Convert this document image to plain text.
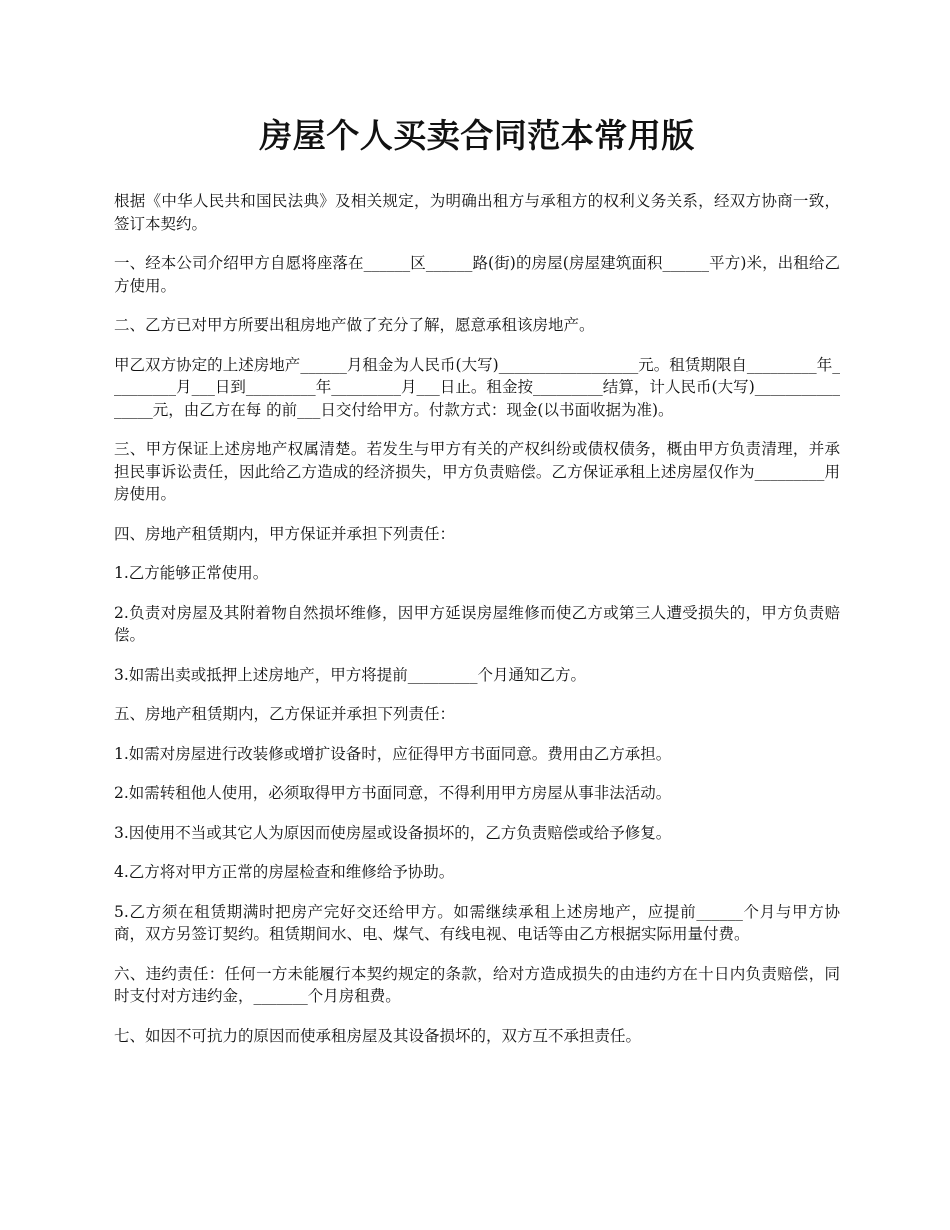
房屋个人买卖合同范本常用版

根据《中华人民共和国民法典》及相关规定，为明确出租方与承租方的权利义务关系，经双方协商一致，签订本契约。

一、经本公司介绍甲方自愿将座落在______区______路(街)的房屋(房屋建筑面积______平方)米，出租给乙方使用。

二、乙方已对甲方所要出租房地产做了充分了解，愿意承租该房地产。

甲乙双方协定的上述房地产______月租金为人民币(大写)__________________元。租赁期限自_________年_________月___日到_________年_________月___日止。租金按_________结算，计人民币(大写)________________元，由乙方在每 的前___日交付给甲方。付款方式：现金(以书面收据为准)。

三、甲方保证上述房地产权属清楚。若发生与甲方有关的产权纠纷或债权债务，概由甲方负责清理，并承担民事诉讼责任，因此给乙方造成的经济损失，甲方负责赔偿。乙方保证承租上述房屋仅作为_________用房使用。

四、房地产租赁期内，甲方保证并承担下列责任：

1.乙方能够正常使用。

2.负责对房屋及其附着物自然损坏维修，因甲方延误房屋维修而使乙方或第三人遭受损失的，甲方负责赔偿。

3.如需出卖或抵押上述房地产，甲方将提前_________个月通知乙方。

五、房地产租赁期内，乙方保证并承担下列责任：

1.如需对房屋进行改装修或增扩设备时，应征得甲方书面同意。费用由乙方承担。

2.如需转租他人使用，必须取得甲方书面同意，不得利用甲方房屋从事非法活动。

3.因使用不当或其它人为原因而使房屋或设备损坏的，乙方负责赔偿或给予修复。

4.乙方将对甲方正常的房屋检查和维修给予协助。

5.乙方须在租赁期满时把房产完好交还给甲方。如需继续承租上述房地产，应提前______个月与甲方协商，双方另签订契约。租赁期间水、电、煤气、有线电视、电话等由乙方根据实际用量付费。

六、违约责任：任何一方未能履行本契约规定的条款，给对方造成损失的由违约方在十日内负责赔偿，同时支付对方违约金，_______个月房租费。

七、如因不可抗力的原因而使承租房屋及其设备损坏的，双方互不承担责任。
